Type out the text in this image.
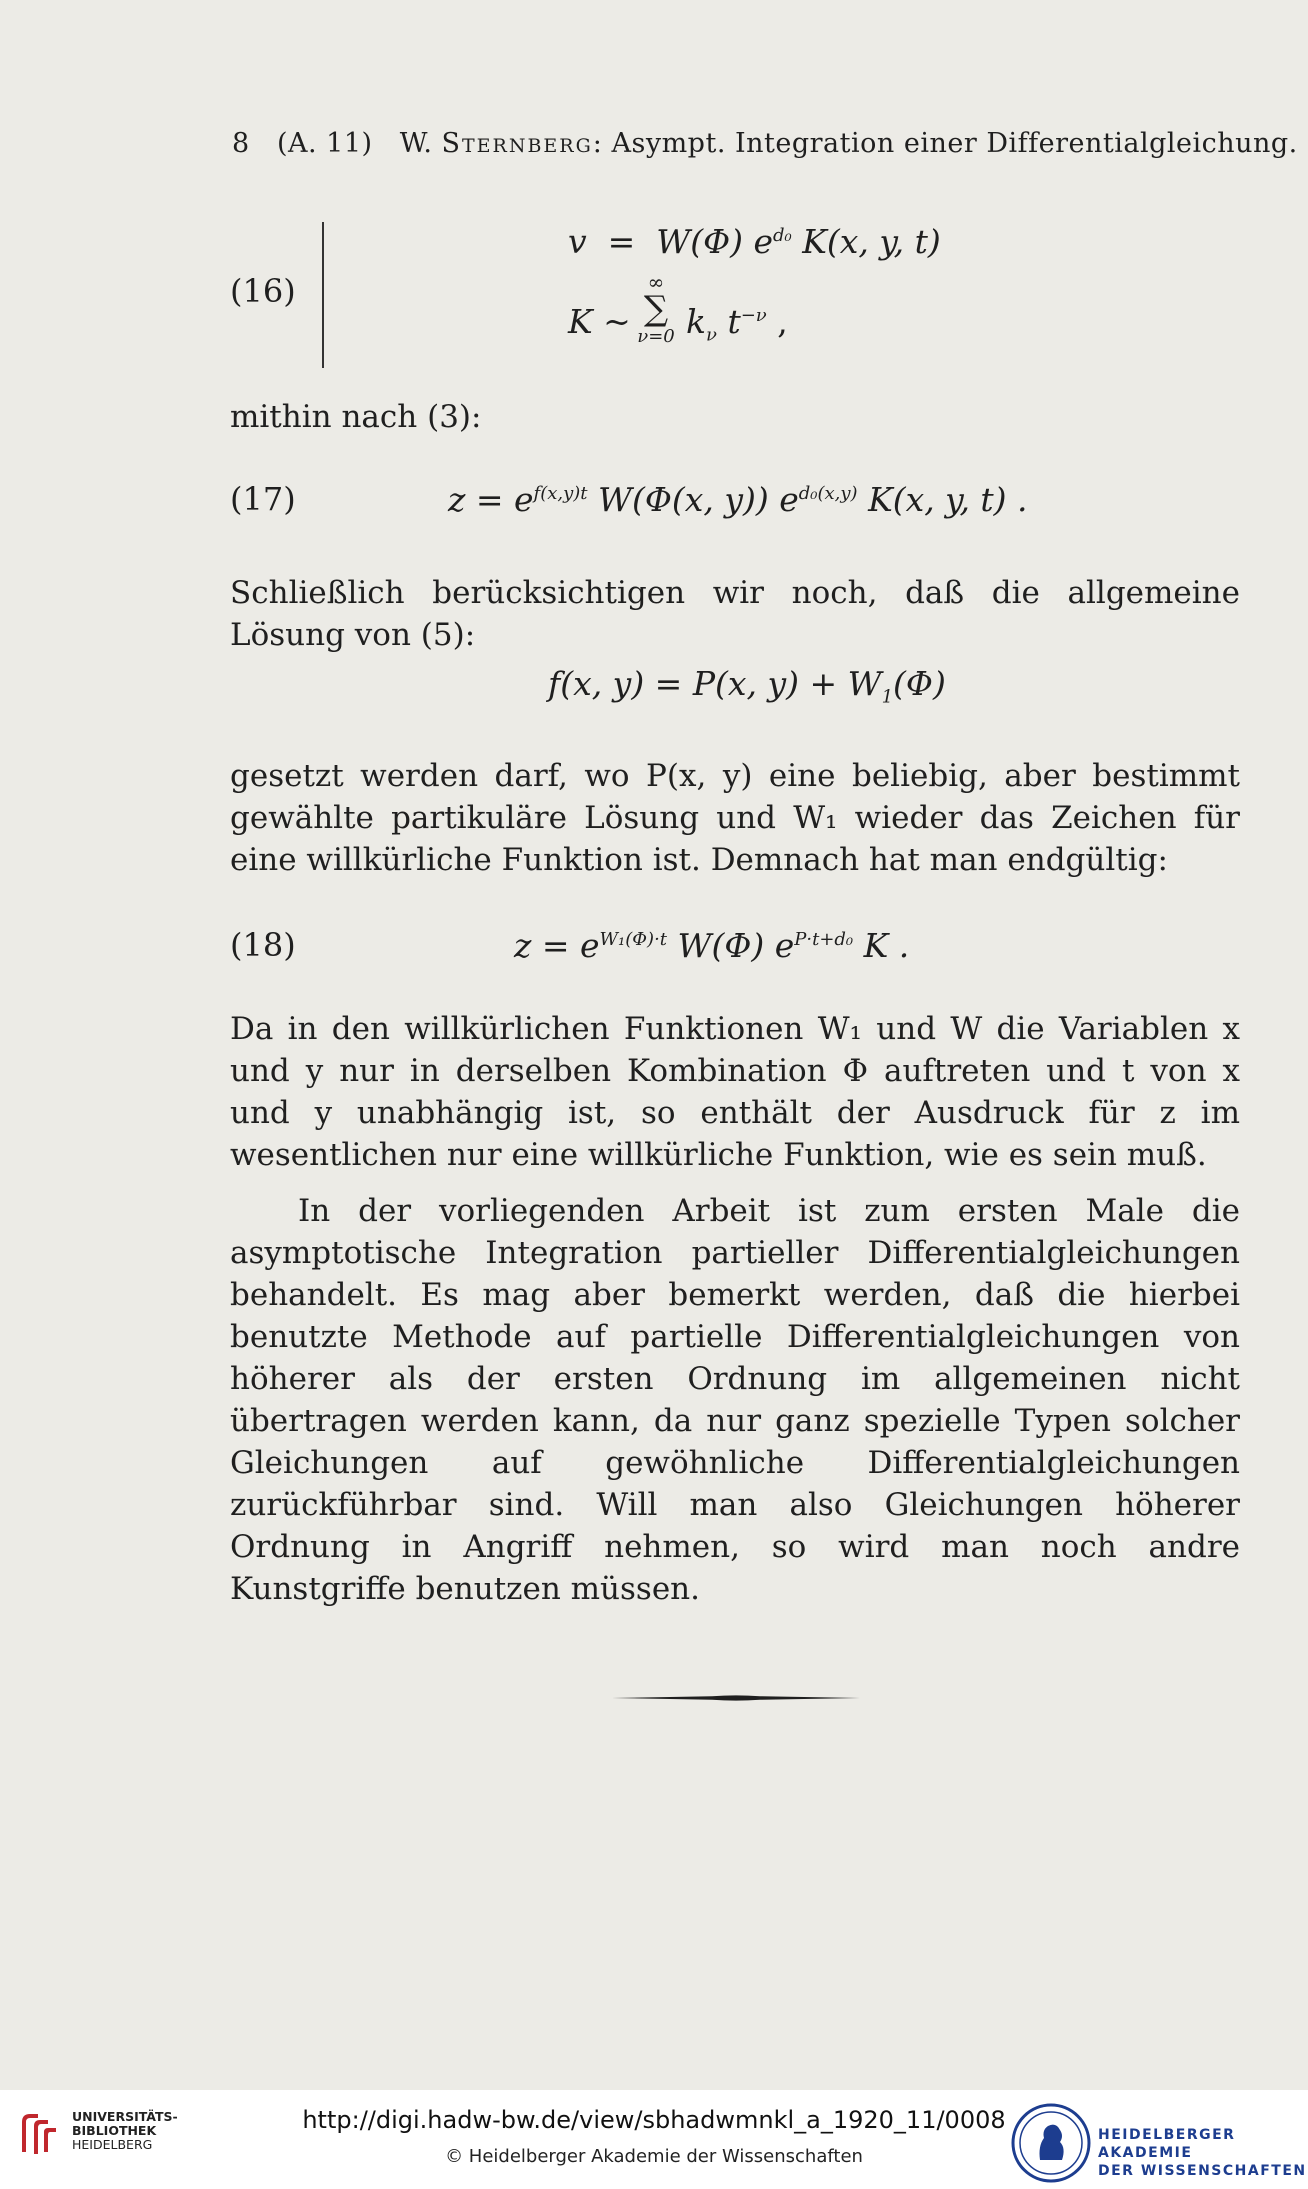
8 (A. 11) W. Sternberg: Asympt. Integration einer Differentialgleichung.
(16)
v = W(Φ) $e^{d_0}$ K(x, y, t)
K ~
∞
∑
ν=0 $k_\nu$ $t^{-\nu}$ ,

mithin nach (3):

(17)	$z = e^{f(x,y)t}$ W(Φ(x, y)) $e^{d_0(x,y)}$ K(x, y, t) .

Schließlich berücksichtigen wir noch, daß die allgemeine Lösung von (5):

f(x, y) = P(x, $y) + W_1(\Phi)$

gesetzt werden darf, wo P(x, y) eine beliebig, aber bestimmt gewählte partikuläre Lösung und W₁ wieder das Zeichen für eine willkürliche Funktion ist. Demnach hat man endgültig:

(18)	$z = e^{W_1(\Phi)\cdot t}$ W(Φ) $e^{P\cdot t+d_0}$ K .

Da in den willkürlichen Funktionen W₁ und W die Variablen x und y nur in derselben Kombination Φ auftreten und t von x und y unabhängig ist, so enthält der Ausdruck für z im wesentlichen nur eine willkürliche Funktion, wie es sein muß.

In der vorliegenden Arbeit ist zum ersten Male die asymptotische Integration partieller Differentialgleichungen behandelt. Es mag aber bemerkt werden, daß die hierbei benutzte Methode auf partielle Differentialgleichungen von höherer als der ersten Ordnung im allgemeinen nicht übertragen werden kann, da nur ganz spezielle Typen solcher Gleichungen auf gewöhnliche Differentialgleichungen zurückführbar sind. Will man also Gleichungen höherer Ordnung in Angriff nehmen, so wird man noch andre Kunstgriffe benutzen müssen.

UNIVERSITÄTS-
BIBLIOTHEK
HEIDELBERG
http://digi.hadw-bw.de/view/sbhadwmnkl_a_1920_11/0008
© Heidelberger Akademie der Wissenschaften
HEIDELBERGER AKADEMIE
DER WISSENSCHAFTEN
